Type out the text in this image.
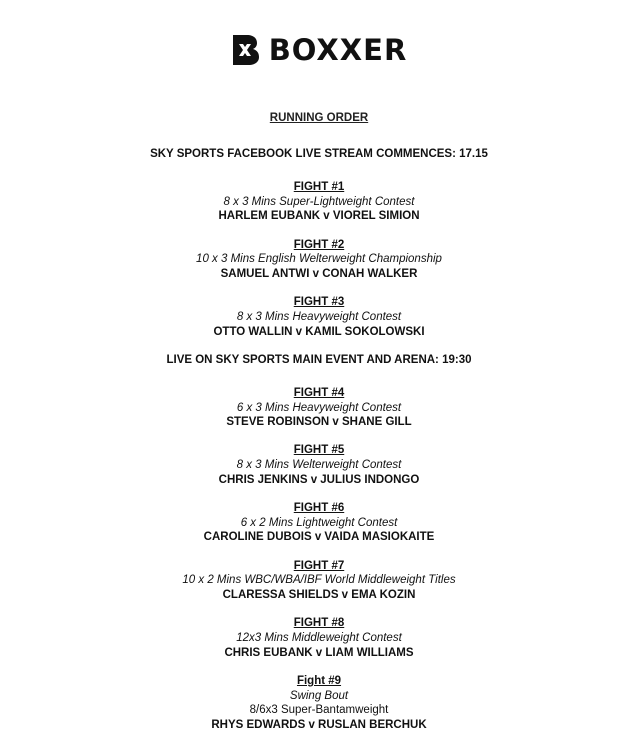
BOXXER
RUNNING ORDER
SKY SPORTS FACEBOOK LIVE STREAM COMMENCES: 17.15
FIGHT #1
8 x 3 Mins Super-Lightweight Contest
HARLEM EUBANK v VIOREL SIMION
FIGHT #2
10 x 3 Mins English Welterweight Championship
SAMUEL ANTWI v CONAH WALKER
FIGHT #3
8 x 3 Mins Heavyweight Contest
OTTO WALLIN v KAMIL SOKOLOWSKI
LIVE ON SKY SPORTS MAIN EVENT AND ARENA: 19:30
FIGHT #4
6 x 3 Mins Heavyweight Contest
STEVE ROBINSON v SHANE GILL
FIGHT #5
8 x 3 Mins Welterweight Contest
CHRIS JENKINS v JULIUS INDONGO
FIGHT #6
6 x 2 Mins Lightweight Contest
CAROLINE DUBOIS v VAIDA MASIOKAITE
FIGHT #7
10 x 2 Mins WBC/WBA/IBF World Middleweight Titles
CLARESSA SHIELDS v EMA KOZIN
FIGHT #8
12x3 Mins Middleweight Contest
CHRIS EUBANK v LIAM WILLIAMS
Fight #9
Swing Bout
8/6x3 Super-Bantamweight
RHYS EDWARDS v RUSLAN BERCHUK
